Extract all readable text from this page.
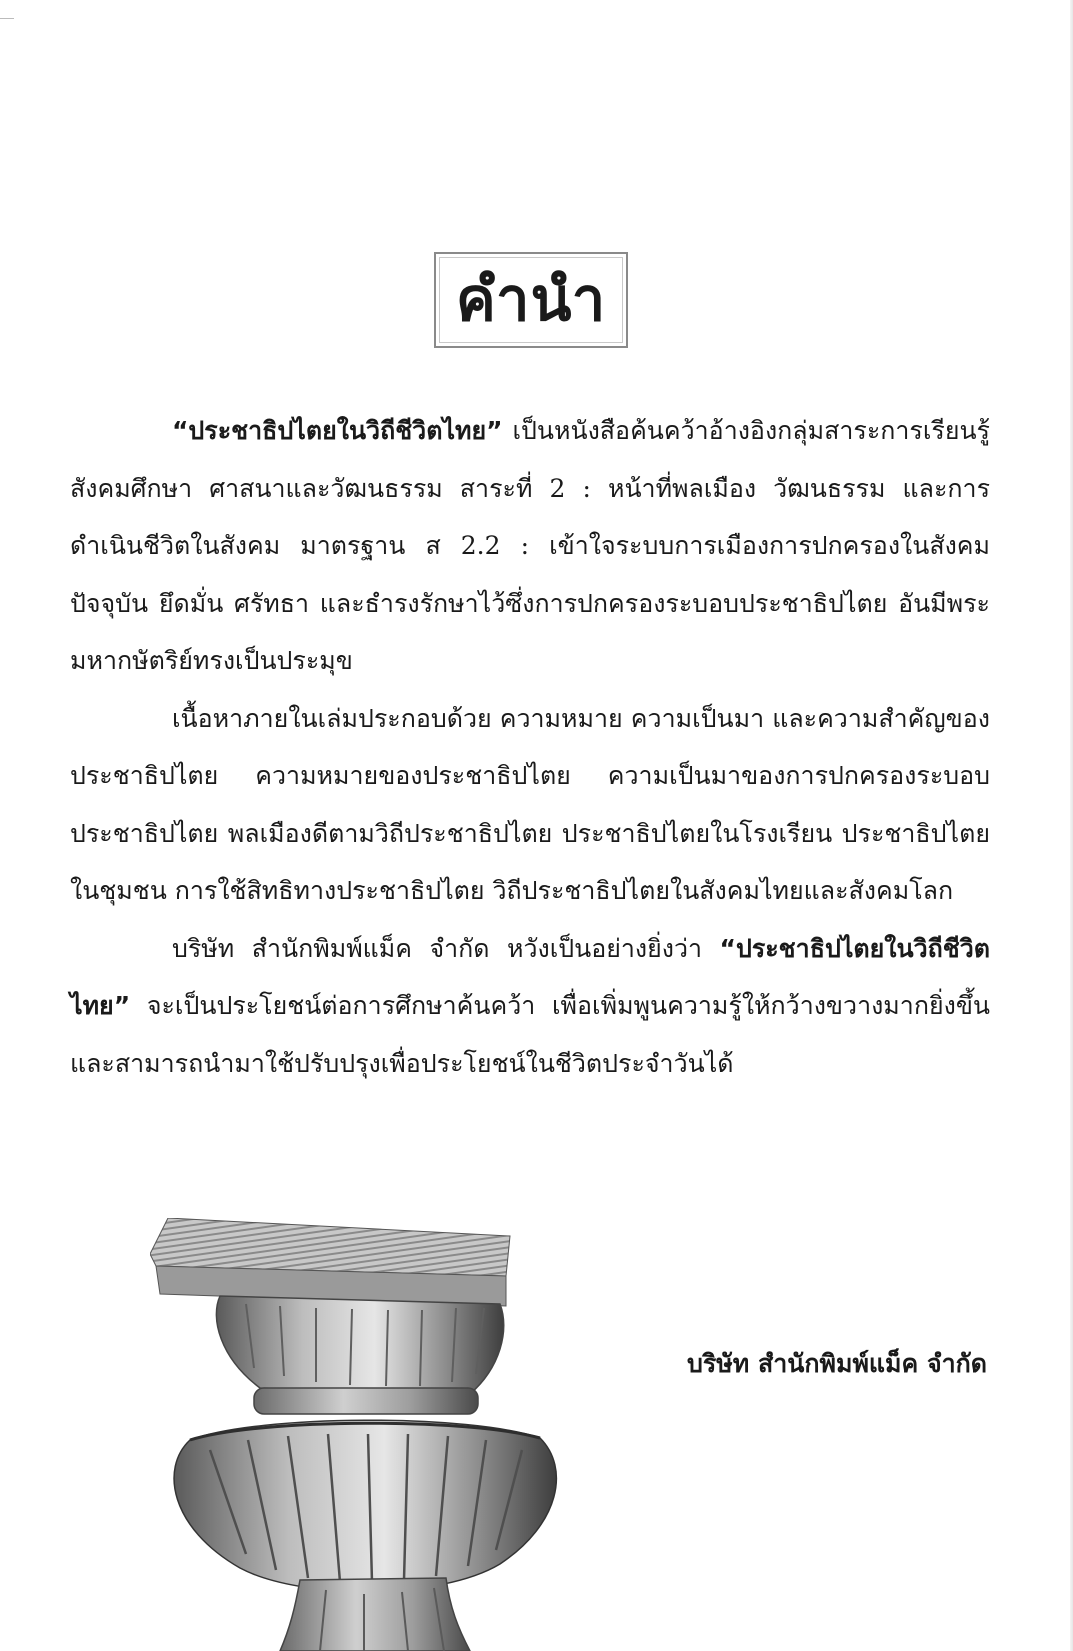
คำนำ

“ประชาธิปไตยในวิถีชีวิตไทย” เป็นหนังสือค้นคว้าอ้างอิงกลุ่มสาระการเรียนรู้สังคมศึกษา ศาสนาและวัฒนธรรม สาระที่ 2 : หน้าที่พลเมือง วัฒนธรรม และการดำเนินชีวิตในสังคม มาตรฐาน ส 2.2 : เข้าใจระบบการเมืองการปกครองในสังคมปัจจุบัน ยึดมั่น ศรัทธา และธำรงรักษาไว้ซึ่งการปกครองระบอบประชาธิปไตย อันมีพระมหากษัตริย์ทรงเป็นประมุข

เนื้อหาภายในเล่มประกอบด้วย ความหมาย ความเป็นมา และความสำคัญของประชาธิปไตย ความหมายของประชาธิปไตย ความเป็นมาของการปกครองระบอบประชาธิปไตย พลเมืองดีตามวิถีประชาธิปไตย ประชาธิปไตยในโรงเรียน ประชาธิปไตยในชุมชน การใช้สิทธิทางประชาธิปไตย วิถีประชาธิปไตยในสังคมไทยและสังคมโลก

บริษัท สำนักพิมพ์แม็ค จำกัด หวังเป็นอย่างยิ่งว่า “ประชาธิปไตยในวิถีชีวิตไทย” จะเป็นประโยชน์ต่อการศึกษาค้นคว้า เพื่อเพิ่มพูนความรู้ให้กว้างขวางมากยิ่งขึ้น และสามารถนำมาใช้ปรับปรุงเพื่อประโยชน์ในชีวิตประจำวันได้

บริษัท สำนักพิมพ์แม็ค จำกัด
